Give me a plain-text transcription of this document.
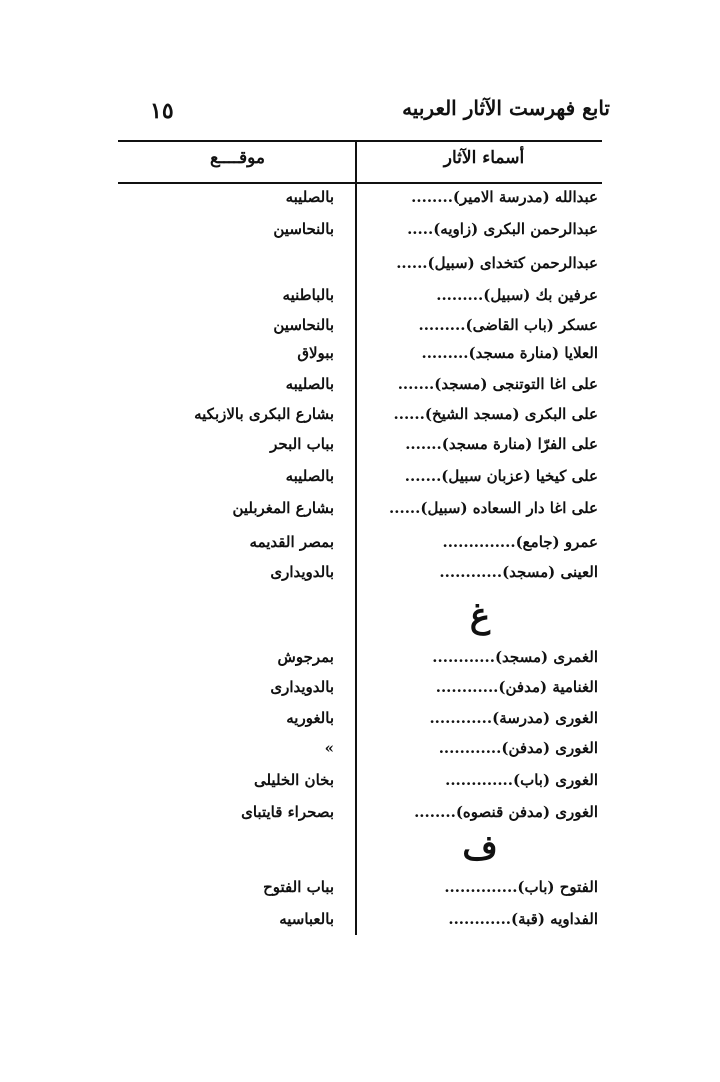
١٥	تابع فهرست الآثار العربيه
أسماء الآثار
موقــــع
عبدالله (مدرسة الامير)........
بالصليبه
عبدالرحمن البكرى (زاويه).....
بالنحاسين
عبدالرحمن كتخداى (سبيل)......
عرفين بك (سبيل).........
بالباطنيه
عسكر (باب القاضى).........
بالنحاسين
العلايا (منارة مسجد).........
ببولاق
على اغا التوتنجى (مسجد).......
بالصليبه
على البكرى (مسجد الشيخ)......
بشارع البكرى بالازبكيه
على الفرّا (منارة مسجد).......
بباب البحر
على كيخيا (عزبان سبيل).......
بالصليبه
على اغا دار السعاده (سبيل)......
بشارع المغربلين
عمرو (جامع)..............
بمصر القديمه
العينى (مسجد)............
بالدويدارى
غ
الغمرى (مسجد)............
بمرجوش
الغنامية (مدفن)............
بالدويدارى
الغورى (مدرسة)............
بالغوريه
الغورى (مدفن)............
»
الغورى (باب).............
بخان الخليلى
الغورى (مدفن قنصوه)........
بصحراء قايتباى
ف
الفتوح (باب)..............
بباب الفتوح
الفداويه (قبة)............
بالعباسيه
